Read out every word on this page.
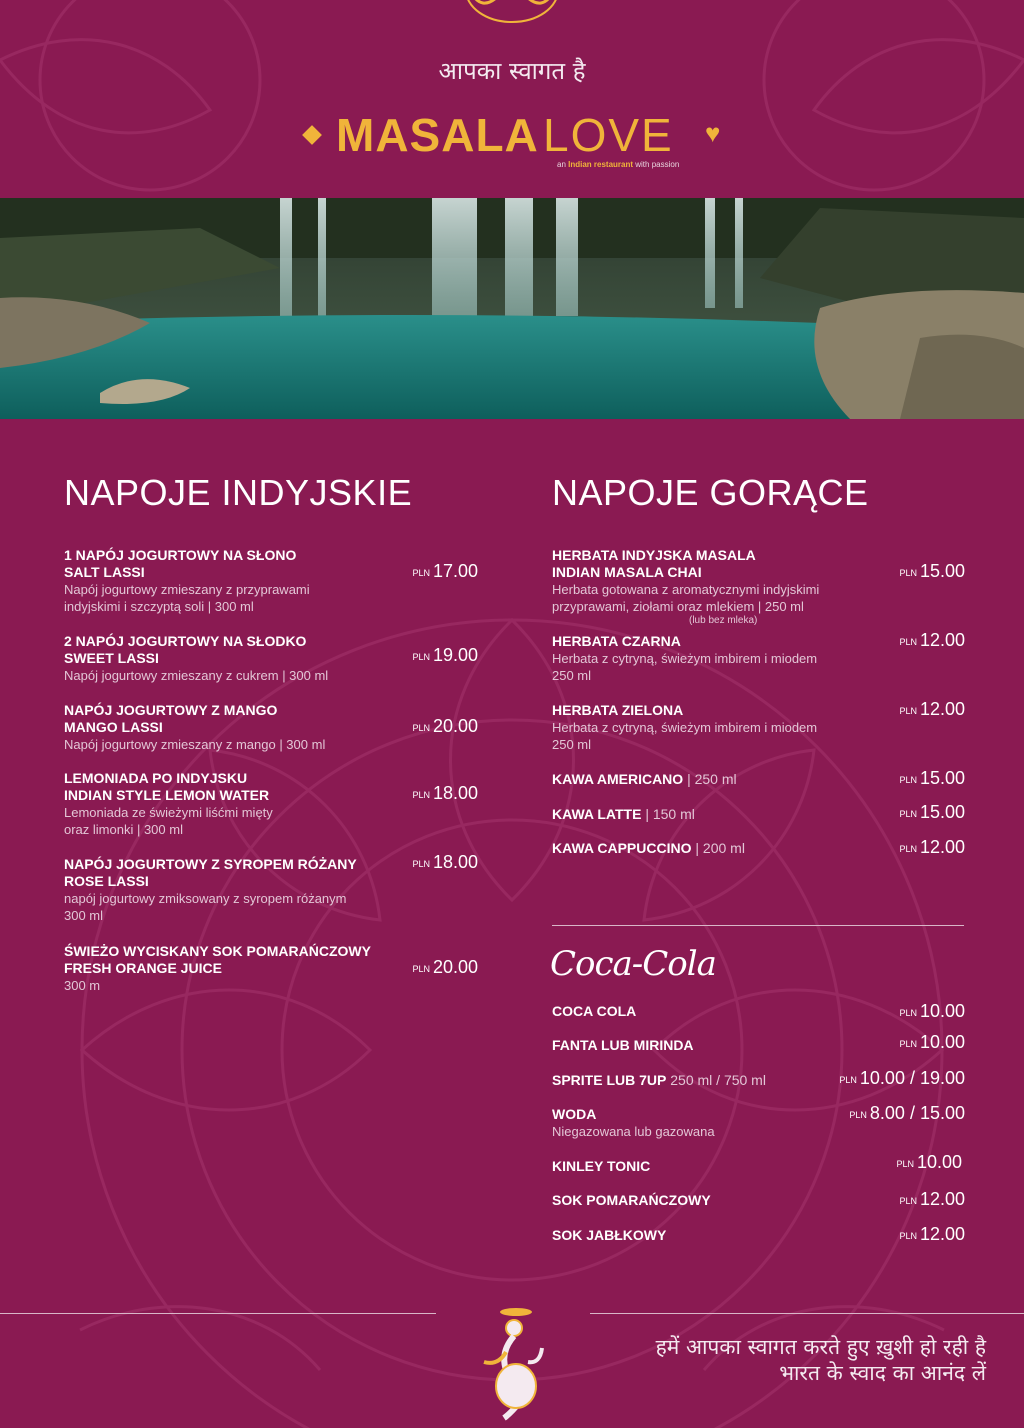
आपका स्वागत है
MASALA LOVE ♥
an Indian restaurant with passion
NAPOJE INDYJSKIE
1 NAPÓJ JOGURTOWY NA SŁONO
SALT LASSI
Napój jogurtowy zmieszany z przyprawami
indyjskimi i szczyptą soli | 300 ml
PLN 17.00
2 NAPÓJ JOGURTOWY NA SŁODKO
SWEET LASSI
Napój jogurtowy zmieszany z cukrem | 300 ml
PLN 19.00
NAPÓJ JOGURTOWY Z MANGO
MANGO LASSI
Napój jogurtowy zmieszany z mango | 300 ml
PLN 20.00
LEMONIADA PO INDYJSKU
INDIAN STYLE LEMON WATER
Lemoniada ze świeżymi liśćmi mięty
oraz limonki | 300 ml
PLN 18.00
NAPÓJ JOGURTOWY Z SYROPEM RÓŻANY
ROSE LASSI
napój jogurtowy zmiksowany z syropem różanym
300 ml
PLN 18.00
ŚWIEŻO WYCISKANY SOK POMARAŃCZOWY
FRESH ORANGE JUICE
300 m
PLN 20.00
NAPOJE GORĄCE
HERBATA INDYJSKA MASALA
INDIAN MASALA CHAI
Herbata gotowana z aromatycznymi indyjskimi
przyprawami, ziołami oraz mlekiem | 250 ml
(lub bez mleka)
PLN 15.00
HERBATA CZARNA
Herbata z cytryną, świeżym imbirem i miodem
250 ml
PLN 12.00
HERBATA ZIELONA
Herbata z cytryną, świeżym imbirem i miodem
250 ml
PLN 12.00
KAWA AMERICANO | 250 ml	PLN 15.00
KAWA LATTE | 150 ml	PLN 15.00
KAWA CAPPUCCINO | 200 ml	PLN 12.00
Coca-Cola
COCA COLA	PLN 10.00
FANTA LUB MIRINDA	PLN 10.00
SPRITE LUB 7UP 250 ml / 750 ml	PLN 10.00 / 19.00
WODA
Niegazowana lub gazowana
PLN 8.00 / 15.00
KINLEY TONIC	PLN 10.00
SOK POMARAŃCZOWY	PLN 12.00
SOK JABŁKOWY	PLN 12.00
हमें आपका स्वागत करते हुए ख़ुशी हो रही है
भारत के स्वाद का आनंद लें
